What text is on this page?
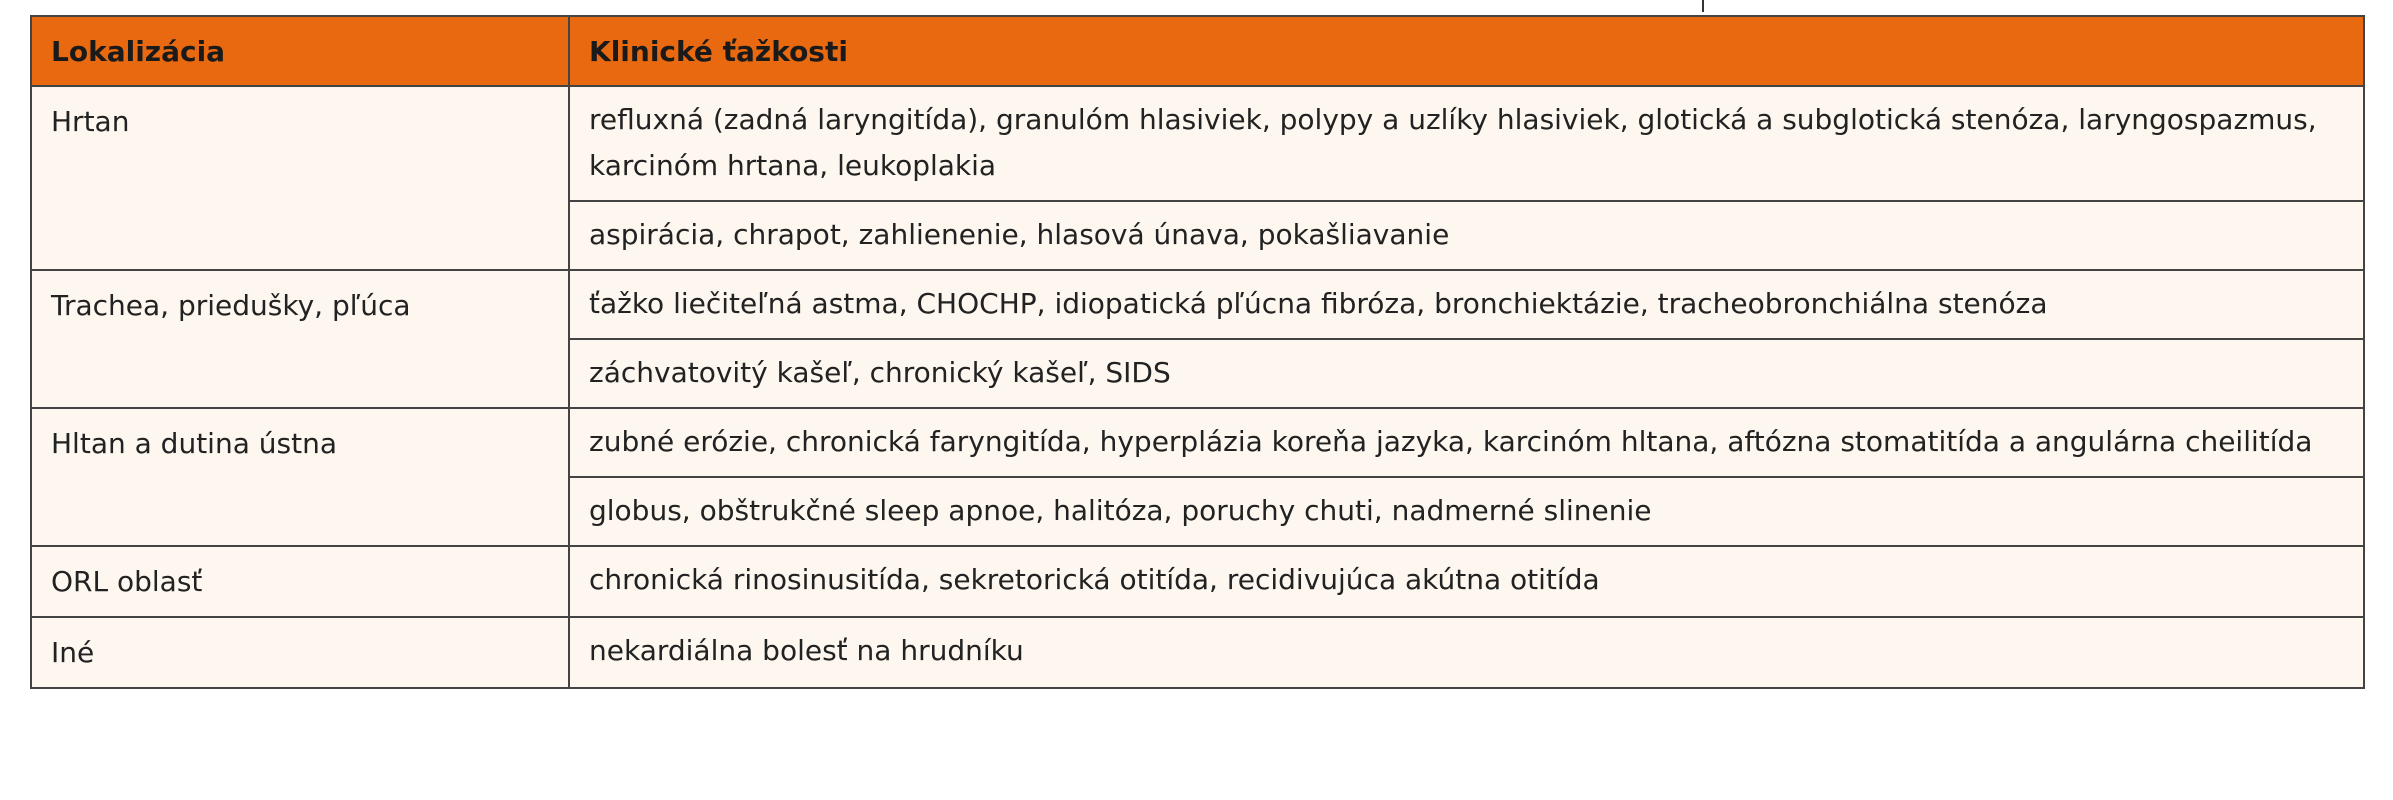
Lokalizácia	Klinické ťažkosti
Hrtan	refluxná (zadná laryngitída), granulóm hlasiviek, polypy a uzlíky hlasiviek, glotická a subglotická stenóza, laryngospazmus, karcinóm hrtana, leukoplakia
	aspirácia, chrapot, zahlienenie, hlasová únava, pokašliavanie
Trachea, priedušky, pľúca	ťažko liečiteľná astma, CHOCHP, idiopatická pľúcna fibróza, bronchiektázie, tracheobronchiálna stenóza
	záchvatovitý kašeľ, chronický kašeľ, SIDS
Hltan a dutina ústna	zubné erózie, chronická faryngitída, hyperplázia koreňa jazyka, karcinóm hltana, aftózna stomatitída a angulárna cheilitída
	globus, obštrukčné sleep apnoe, halitóza, poruchy chuti, nadmerné slinenie
ORL oblasť	chronická rinosinusitída, sekretorická otitída, recidivujúca akútna otitída
Iné	nekardiálna bolesť na hrudníku
